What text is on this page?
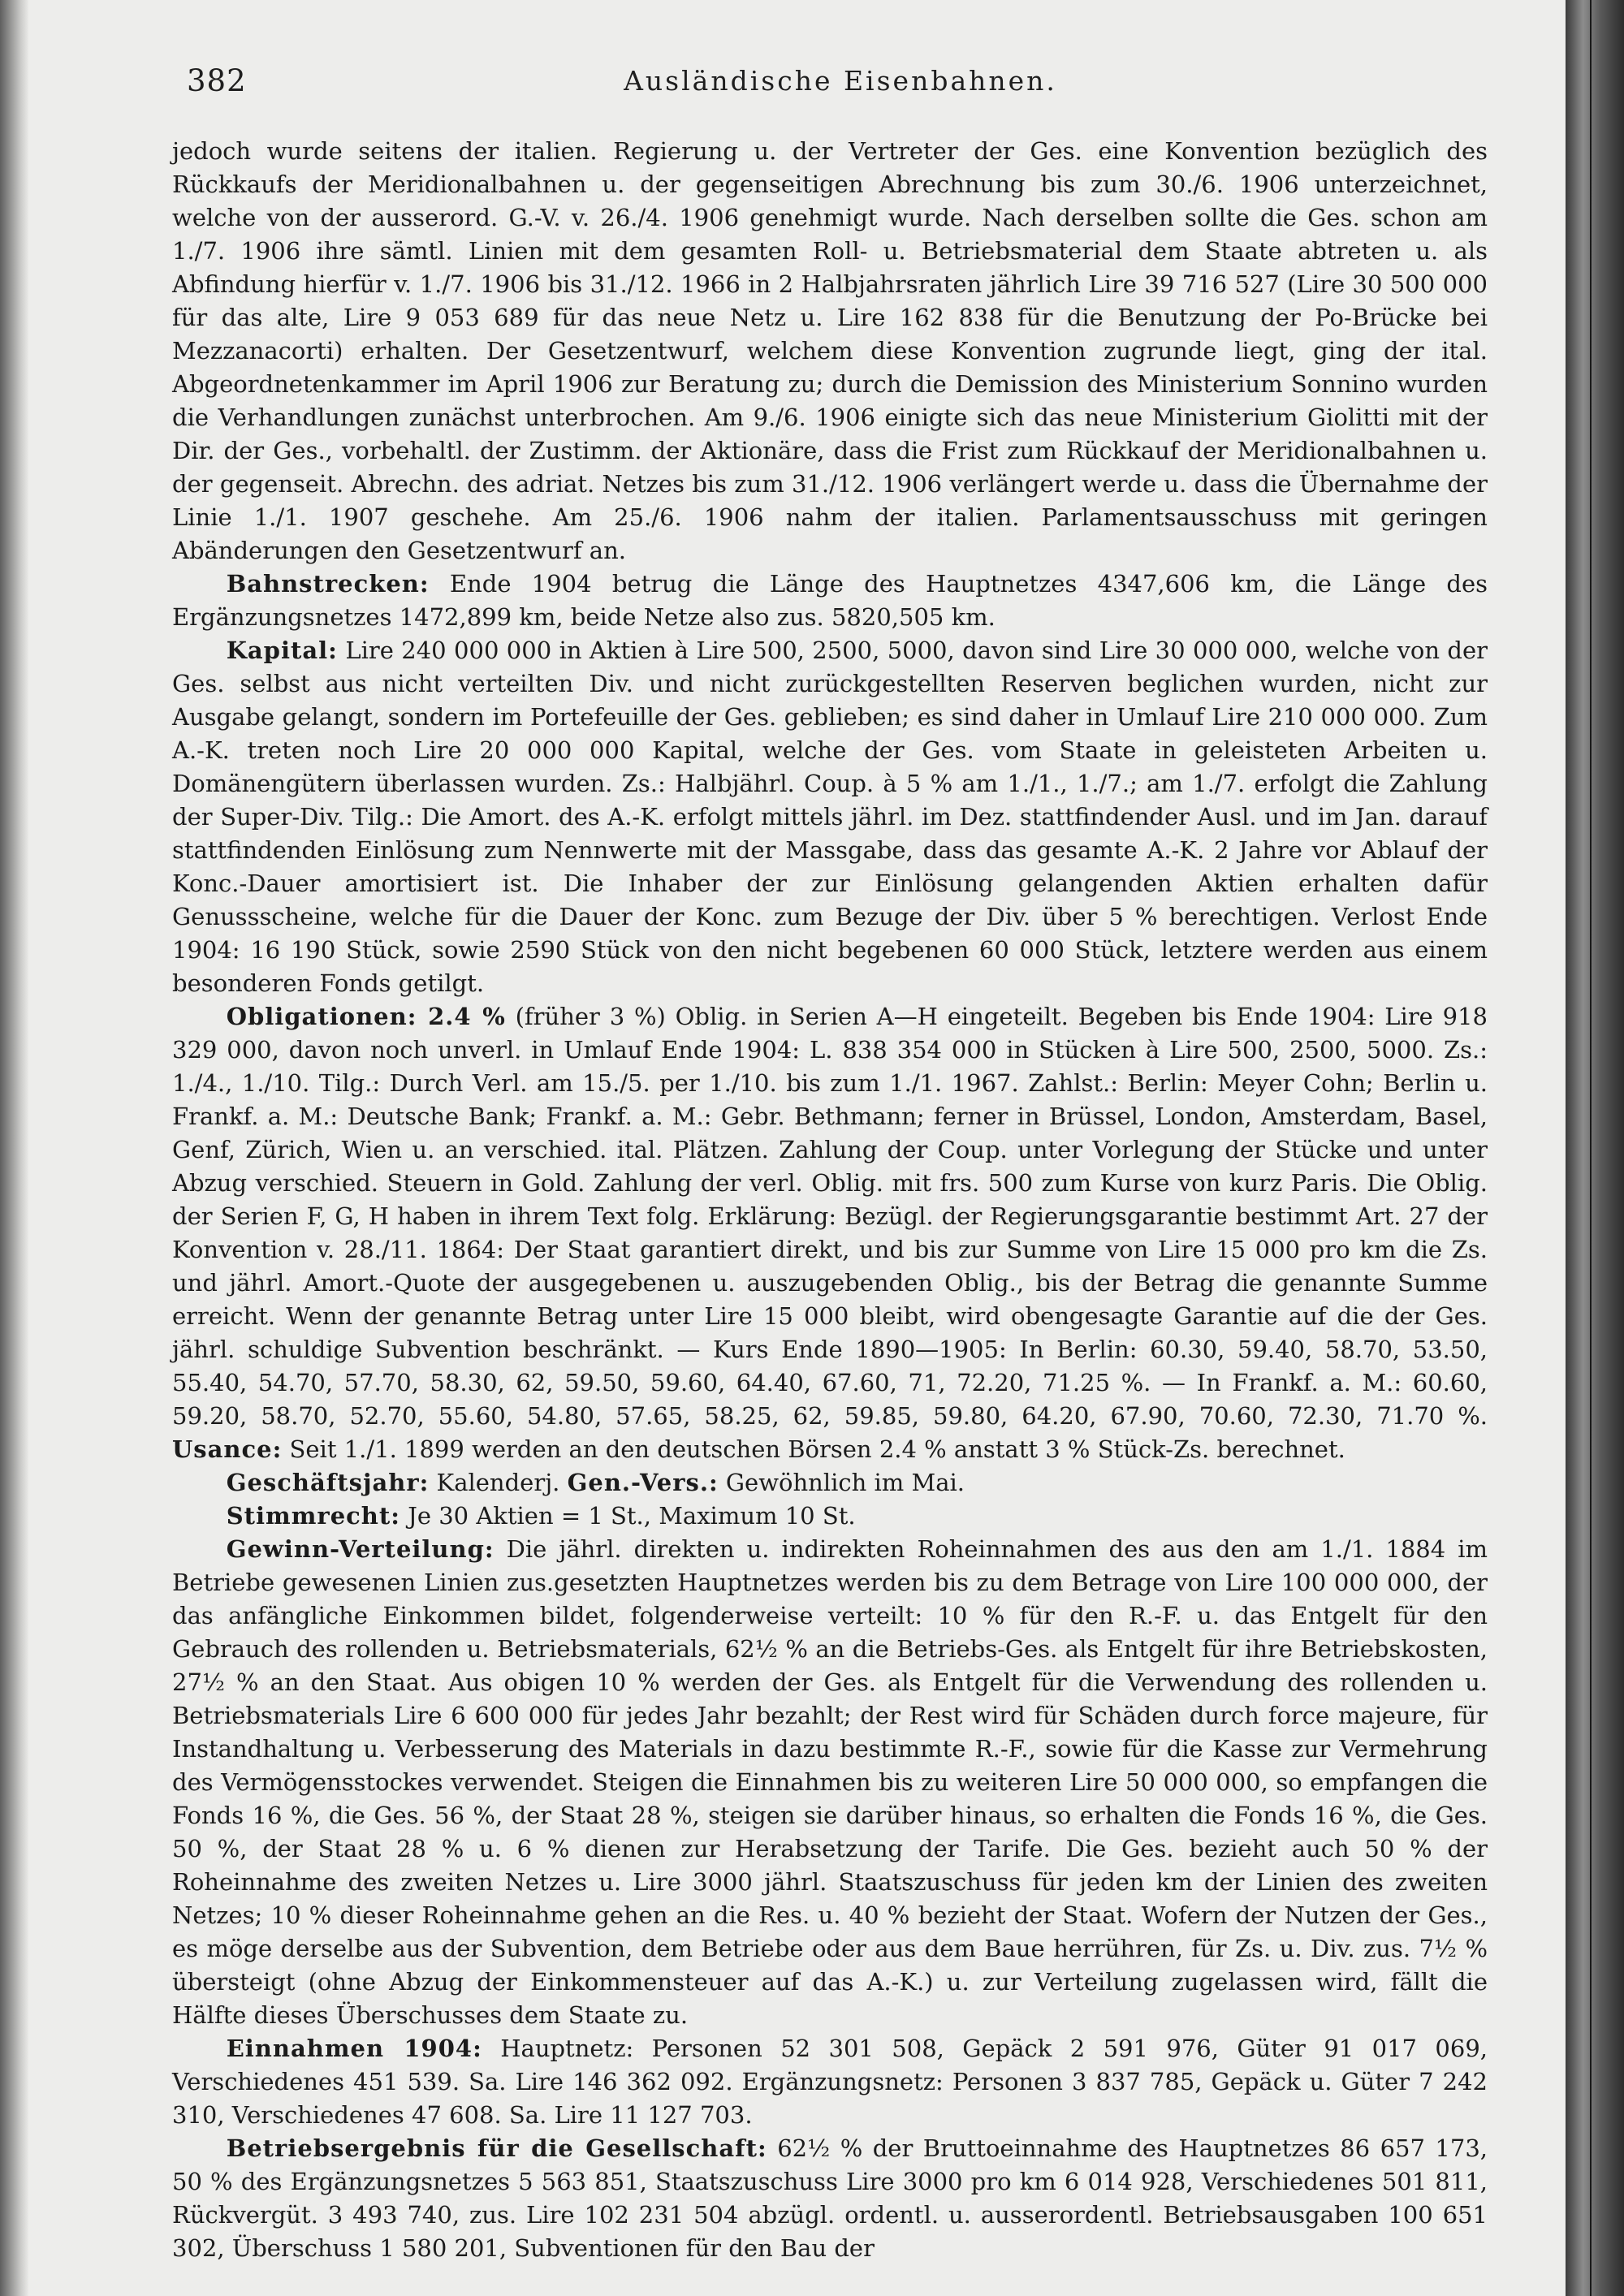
382	Ausländische Eisenbahnen.

jedoch wurde seitens der italien. Regierung u. der Vertreter der Ges. eine Konvention bezüglich des Rückkaufs der Meridionalbahnen u. der gegenseitigen Abrechnung bis zum 30./6. 1906 unterzeichnet, welche von der ausserord. G.-V. v. 26./4. 1906 genehmigt wurde. Nach derselben sollte die Ges. schon am 1./7. 1906 ihre sämtl. Linien mit dem gesamten Roll- u. Betriebsmaterial dem Staate abtreten u. als Abfindung hierfür v. 1./7. 1906 bis 31./12. 1966 in 2 Halbjahrsraten jährlich Lire 39 716 527 (Lire 30 500 000 für das alte, Lire 9 053 689 für das neue Netz u. Lire 162 838 für die Benutzung der Po-Brücke bei Mezzanacorti) erhalten. Der Gesetzentwurf, welchem diese Konvention zugrunde liegt, ging der ital. Abgeordnetenkammer im April 1906 zur Beratung zu; durch die Demission des Ministerium Sonnino wurden die Verhandlungen zunächst unterbrochen. Am 9./6. 1906 einigte sich das neue Ministerium Giolitti mit der Dir. der Ges., vorbehaltl. der Zustimm. der Aktionäre, dass die Frist zum Rückkauf der Meridionalbahnen u. der gegenseit. Abrechn. des adriat. Netzes bis zum 31./12. 1906 verlängert werde u. dass die Übernahme der Linie 1./1. 1907 geschehe. Am 25./6. 1906 nahm der italien. Parlamentsausschuss mit geringen Abänderungen den Gesetzentwurf an.

Bahnstrecken: Ende 1904 betrug die Länge des Hauptnetzes 4347,606 km, die Länge des Ergänzungsnetzes 1472,899 km, beide Netze also zus. 5820,505 km.

Kapital: Lire 240 000 000 in Aktien à Lire 500, 2500, 5000, davon sind Lire 30 000 000, welche von der Ges. selbst aus nicht verteilten Div. und nicht zurückgestellten Reserven beglichen wurden, nicht zur Ausgabe gelangt, sondern im Portefeuille der Ges. geblieben; es sind daher in Umlauf Lire 210 000 000. Zum A.-K. treten noch Lire 20 000 000 Kapital, welche der Ges. vom Staate in geleisteten Arbeiten u. Domänengütern überlassen wurden. Zs.: Halbjährl. Coup. à 5 % am 1./1., 1./7.; am 1./7. erfolgt die Zahlung der Super-Div. Tilg.: Die Amort. des A.-K. erfolgt mittels jährl. im Dez. stattfindender Ausl. und im Jan. darauf stattfindenden Einlösung zum Nennwerte mit der Massgabe, dass das gesamte A.-K. 2 Jahre vor Ablauf der Konc.-Dauer amortisiert ist. Die Inhaber der zur Einlösung gelangenden Aktien erhalten dafür Genussscheine, welche für die Dauer der Konc. zum Bezuge der Div. über 5 % berechtigen. Verlost Ende 1904: 16 190 Stück, sowie 2590 Stück von den nicht begebenen 60 000 Stück, letztere werden aus einem besonderen Fonds getilgt.

Obligationen: 2.4 % (früher 3 %) Oblig. in Serien A—H eingeteilt. Begeben bis Ende 1904: Lire 918 329 000, davon noch unverl. in Umlauf Ende 1904: L. 838 354 000 in Stücken à Lire 500, 2500, 5000. Zs.: 1./4., 1./10. Tilg.: Durch Verl. am 15./5. per 1./10. bis zum 1./1. 1967. Zahlst.: Berlin: Meyer Cohn; Berlin u. Frankf. a. M.: Deutsche Bank; Frankf. a. M.: Gebr. Bethmann; ferner in Brüssel, London, Amsterdam, Basel, Genf, Zürich, Wien u. an verschied. ital. Plätzen. Zahlung der Coup. unter Vorlegung der Stücke und unter Abzug verschied. Steuern in Gold. Zahlung der verl. Oblig. mit frs. 500 zum Kurse von kurz Paris. Die Oblig. der Serien F, G, H haben in ihrem Text folg. Erklärung: Bezügl. der Regierungsgarantie bestimmt Art. 27 der Konvention v. 28./11. 1864: Der Staat garantiert direkt, und bis zur Summe von Lire 15 000 pro km die Zs. und jährl. Amort.-Quote der ausgegebenen u. auszugebenden Oblig., bis der Betrag die genannte Summe erreicht. Wenn der genannte Betrag unter Lire 15 000 bleibt, wird obengesagte Garantie auf die der Ges. jährl. schuldige Subvention beschränkt. — Kurs Ende 1890—1905: In Berlin: 60.30, 59.40, 58.70, 53.50, 55.40, 54.70, 57.70, 58.30, 62, 59.50, 59.60, 64.40, 67.60, 71, 72.20, 71.25 %. — In Frankf. a. M.: 60.60, 59.20, 58.70, 52.70, 55.60, 54.80, 57.65, 58.25, 62, 59.85, 59.80, 64.20, 67.90, 70.60, 72.30, 71.70 %. Usance: Seit 1./1. 1899 werden an den deutschen Börsen 2.4 % anstatt 3 % Stück-Zs. berechnet.

Geschäftsjahr: Kalenderj. Gen.-Vers.: Gewöhnlich im Mai.

Stimmrecht: Je 30 Aktien = 1 St., Maximum 10 St.

Gewinn-Verteilung: Die jährl. direkten u. indirekten Roheinnahmen des aus den am 1./1. 1884 im Betriebe gewesenen Linien zus.gesetzten Hauptnetzes werden bis zu dem Betrage von Lire 100 000 000, der das anfängliche Einkommen bildet, folgenderweise verteilt: 10 % für den R.-F. u. das Entgelt für den Gebrauch des rollenden u. Betriebsmaterials, 62½ % an die Betriebs-Ges. als Entgelt für ihre Betriebskosten, 27½ % an den Staat. Aus obigen 10 % werden der Ges. als Entgelt für die Verwendung des rollenden u. Betriebsmaterials Lire 6 600 000 für jedes Jahr bezahlt; der Rest wird für Schäden durch force majeure, für Instandhaltung u. Verbesserung des Materials in dazu bestimmte R.-F., sowie für die Kasse zur Vermehrung des Vermögensstockes verwendet. Steigen die Einnahmen bis zu weiteren Lire 50 000 000, so empfangen die Fonds 16 %, die Ges. 56 %, der Staat 28 %, steigen sie darüber hinaus, so erhalten die Fonds 16 %, die Ges. 50 %, der Staat 28 % u. 6 % dienen zur Herabsetzung der Tarife. Die Ges. bezieht auch 50 % der Roheinnahme des zweiten Netzes u. Lire 3000 jährl. Staatszuschuss für jeden km der Linien des zweiten Netzes; 10 % dieser Roheinnahme gehen an die Res. u. 40 % bezieht der Staat. Wofern der Nutzen der Ges., es möge derselbe aus der Subvention, dem Betriebe oder aus dem Baue herrühren, für Zs. u. Div. zus. 7½ % übersteigt (ohne Abzug der Einkommensteuer auf das A.-K.) u. zur Verteilung zugelassen wird, fällt die Hälfte dieses Überschusses dem Staate zu.

Einnahmen 1904: Hauptnetz: Personen 52 301 508, Gepäck 2 591 976, Güter 91 017 069, Verschiedenes 451 539. Sa. Lire 146 362 092. Ergänzungsnetz: Personen 3 837 785, Gepäck u. Güter 7 242 310, Verschiedenes 47 608. Sa. Lire 11 127 703.

Betriebsergebnis für die Gesellschaft: 62½ % der Bruttoeinnahme des Hauptnetzes 86 657 173, 50 % des Ergänzungsnetzes 5 563 851, Staatszuschuss Lire 3000 pro km 6 014 928, Verschiedenes 501 811, Rückvergüt. 3 493 740, zus. Lire 102 231 504 abzügl. ordentl. u. ausserordentl. Betriebsausgaben 100 651 302, Überschuss 1 580 201, Subventionen für den Bau der
